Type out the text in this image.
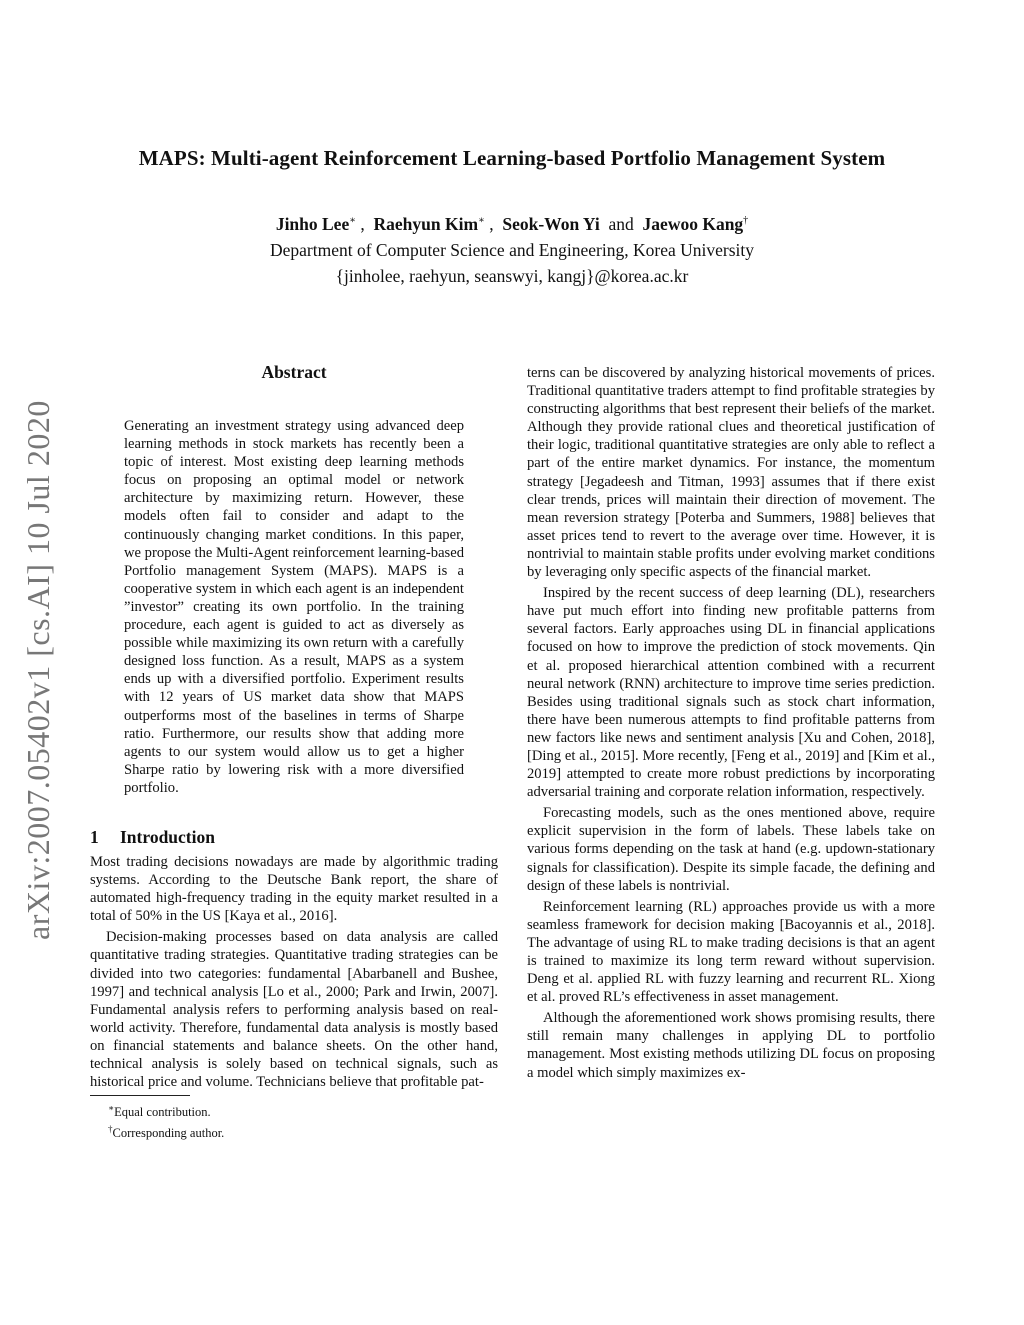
MAPS: Multi-agent Reinforcement Learning-based Portfolio Management System
Jinho Lee∗ ,  Raehyun Kim∗ ,  Seok-Won Yi and Jaewoo Kang†
Department of Computer Science and Engineering, Korea University
{jinholee, raehyun, seanswyi, kangj}@korea.ac.kr
arXiv:2007.05402v1 [cs.AI] 10 Jul 2020
Abstract
Generating an investment strategy using advanced deep learning methods in stock markets has recently been a topic of interest. Most existing deep learning methods focus on proposing an optimal model or network architecture by maximizing return. However, these models often fail to consider and adapt to the continuously changing market conditions. In this paper, we propose the Multi-Agent reinforcement learning-based Portfolio management System (MAPS). MAPS is a cooperative system in which each agent is an independent ”investor” creating its own portfolio. In the training procedure, each agent is guided to act as diversely as possible while maximizing its own return with a carefully designed loss function. As a result, MAPS as a system ends up with a diversified portfolio. Experiment results with 12 years of US market data show that MAPS outperforms most of the baselines in terms of Sharpe ratio. Furthermore, our results show that adding more agents to our system would allow us to get a higher Sharpe ratio by lowering risk with a more diversified portfolio.
1 Introduction

Most trading decisions nowadays are made by algorithmic trading systems. According to the Deutsche Bank report, the share of automated high-frequency trading in the equity market resulted in a total of 50% in the US [Kaya et al., 2016].

Decision-making processes based on data analysis are called quantitative trading strategies. Quantitative trading strategies can be divided into two categories: fundamental [Abarbanell and Bushee, 1997] and technical analysis [Lo et al., 2000; Park and Irwin, 2007]. Fundamental analysis refers to performing analysis based on real-world activity. Therefore, fundamental data analysis is mostly based on financial statements and balance sheets. On the other hand, technical analysis is solely based on technical signals, such as historical price and volume. Technicians believe that profitable pat-

∗Equal contribution.
†Corresponding author.

terns can be discovered by analyzing historical movements of prices. Traditional quantitative traders attempt to find profitable strategies by constructing algorithms that best represent their beliefs of the market. Although they provide rational clues and theoretical justification of their logic, traditional quantitative strategies are only able to reflect a part of the entire market dynamics. For instance, the momentum strategy [Jegadeesh and Titman, 1993] assumes that if there exist clear trends, prices will maintain their direction of movement. The mean reversion strategy [Poterba and Summers, 1988] believes that asset prices tend to revert to the average over time. However, it is nontrivial to maintain stable profits under evolving market conditions by leveraging only specific aspects of the financial market.

Inspired by the recent success of deep learning (DL), researchers have put much effort into finding new profitable patterns from several factors. Early approaches using DL in financial applications focused on how to improve the prediction of stock movements. Qin et al. proposed hierarchical attention combined with a recurrent neural network (RNN) architecture to improve time series prediction. Besides using traditional signals such as stock chart information, there have been numerous attempts to find profitable patterns from new factors like news and sentiment analysis [Xu and Cohen, 2018], [Ding et al., 2015]. More recently, [Feng et al., 2019] and [Kim et al., 2019] attempted to create more robust predictions by incorporating adversarial training and corporate relation information, respectively.

Forecasting models, such as the ones mentioned above, require explicit supervision in the form of labels. These labels take on various forms depending on the task at hand (e.g. updown-stationary signals for classification). Despite its simple facade, the defining and design of these labels is nontrivial.

Reinforcement learning (RL) approaches provide us with a more seamless framework for decision making [Bacoyannis et al., 2018]. The advantage of using RL to make trading decisions is that an agent is trained to maximize its long term reward without supervision. Deng et al. applied RL with fuzzy learning and recurrent RL. Xiong et al. proved RL’s effectiveness in asset management.

Although the aforementioned work shows promising results, there still remain many challenges in applying DL to portfolio management. Most existing methods utilizing DL focus on proposing a model which simply maximizes ex-
